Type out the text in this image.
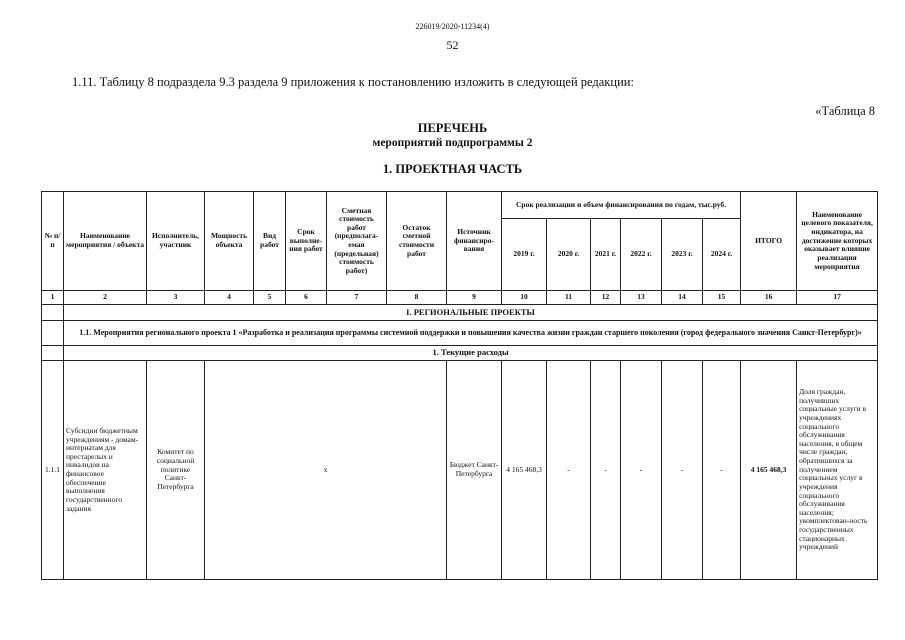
226019/2020-11234(4)
52
1.11. Таблицу 8 подраздела 9.3 раздела 9 приложения к постановлению изложить в следующей редакции:
«Таблица 8
ПЕРЕЧЕНЬ
мероприятий подпрограммы 2
1. ПРОЕКТНАЯ ЧАСТЬ
№ п/п	Наименование мероприятия / объекта	Исполнитель, участник	Мощность объекта	Вид работ	Срок выполне-ния работ	Сметная стоимость работ (предполага-емая (предельная) стоимость работ)	Остаток сметной стоимости работ	Источник финансиро-вания	Срок реализации и объем финансирования по годам, тыс.руб.						ИТОГО	Наименование целевого показателя, индикатора, на достижение которых оказывает влияние реализация мероприятия
									2019 г.	2020 г.	2021 г.	2022 г.	2023 г.	2024 г.		
1	2	3	4	5	6	7	8	9	10	11	12	13	14	15	16	17
	I. РЕГИОНАЛЬНЫЕ ПРОЕКТЫ															
	1.1. Мероприятия регионального проекта 1 «Разработка и реализация программы системной поддержки и повышения качества жизни граждан старшего поколения (город федерального значения Санкт-Петербург)»															
	1. Текущие расходы															
1.1.1	Субсидии бюджетным учреждениям - домам-интернатам для престарелых и инвалидов на финансовое обеспечение выполнения государственного задания	Комитет по социальной политике Санкт-Петербурга	х					Бюджет Санкт-Петербурга	4 165 468,3	-	-	-	-	-	4 165 468,3	Доля граждан, получивших социальные услуги в учреждениях социального обслуживания населения, в общем числе граждан, обратившихся за получением социальных услуг в учреждения социального обслуживания населения; укомплектован-ность государственных стационарных учреждений
